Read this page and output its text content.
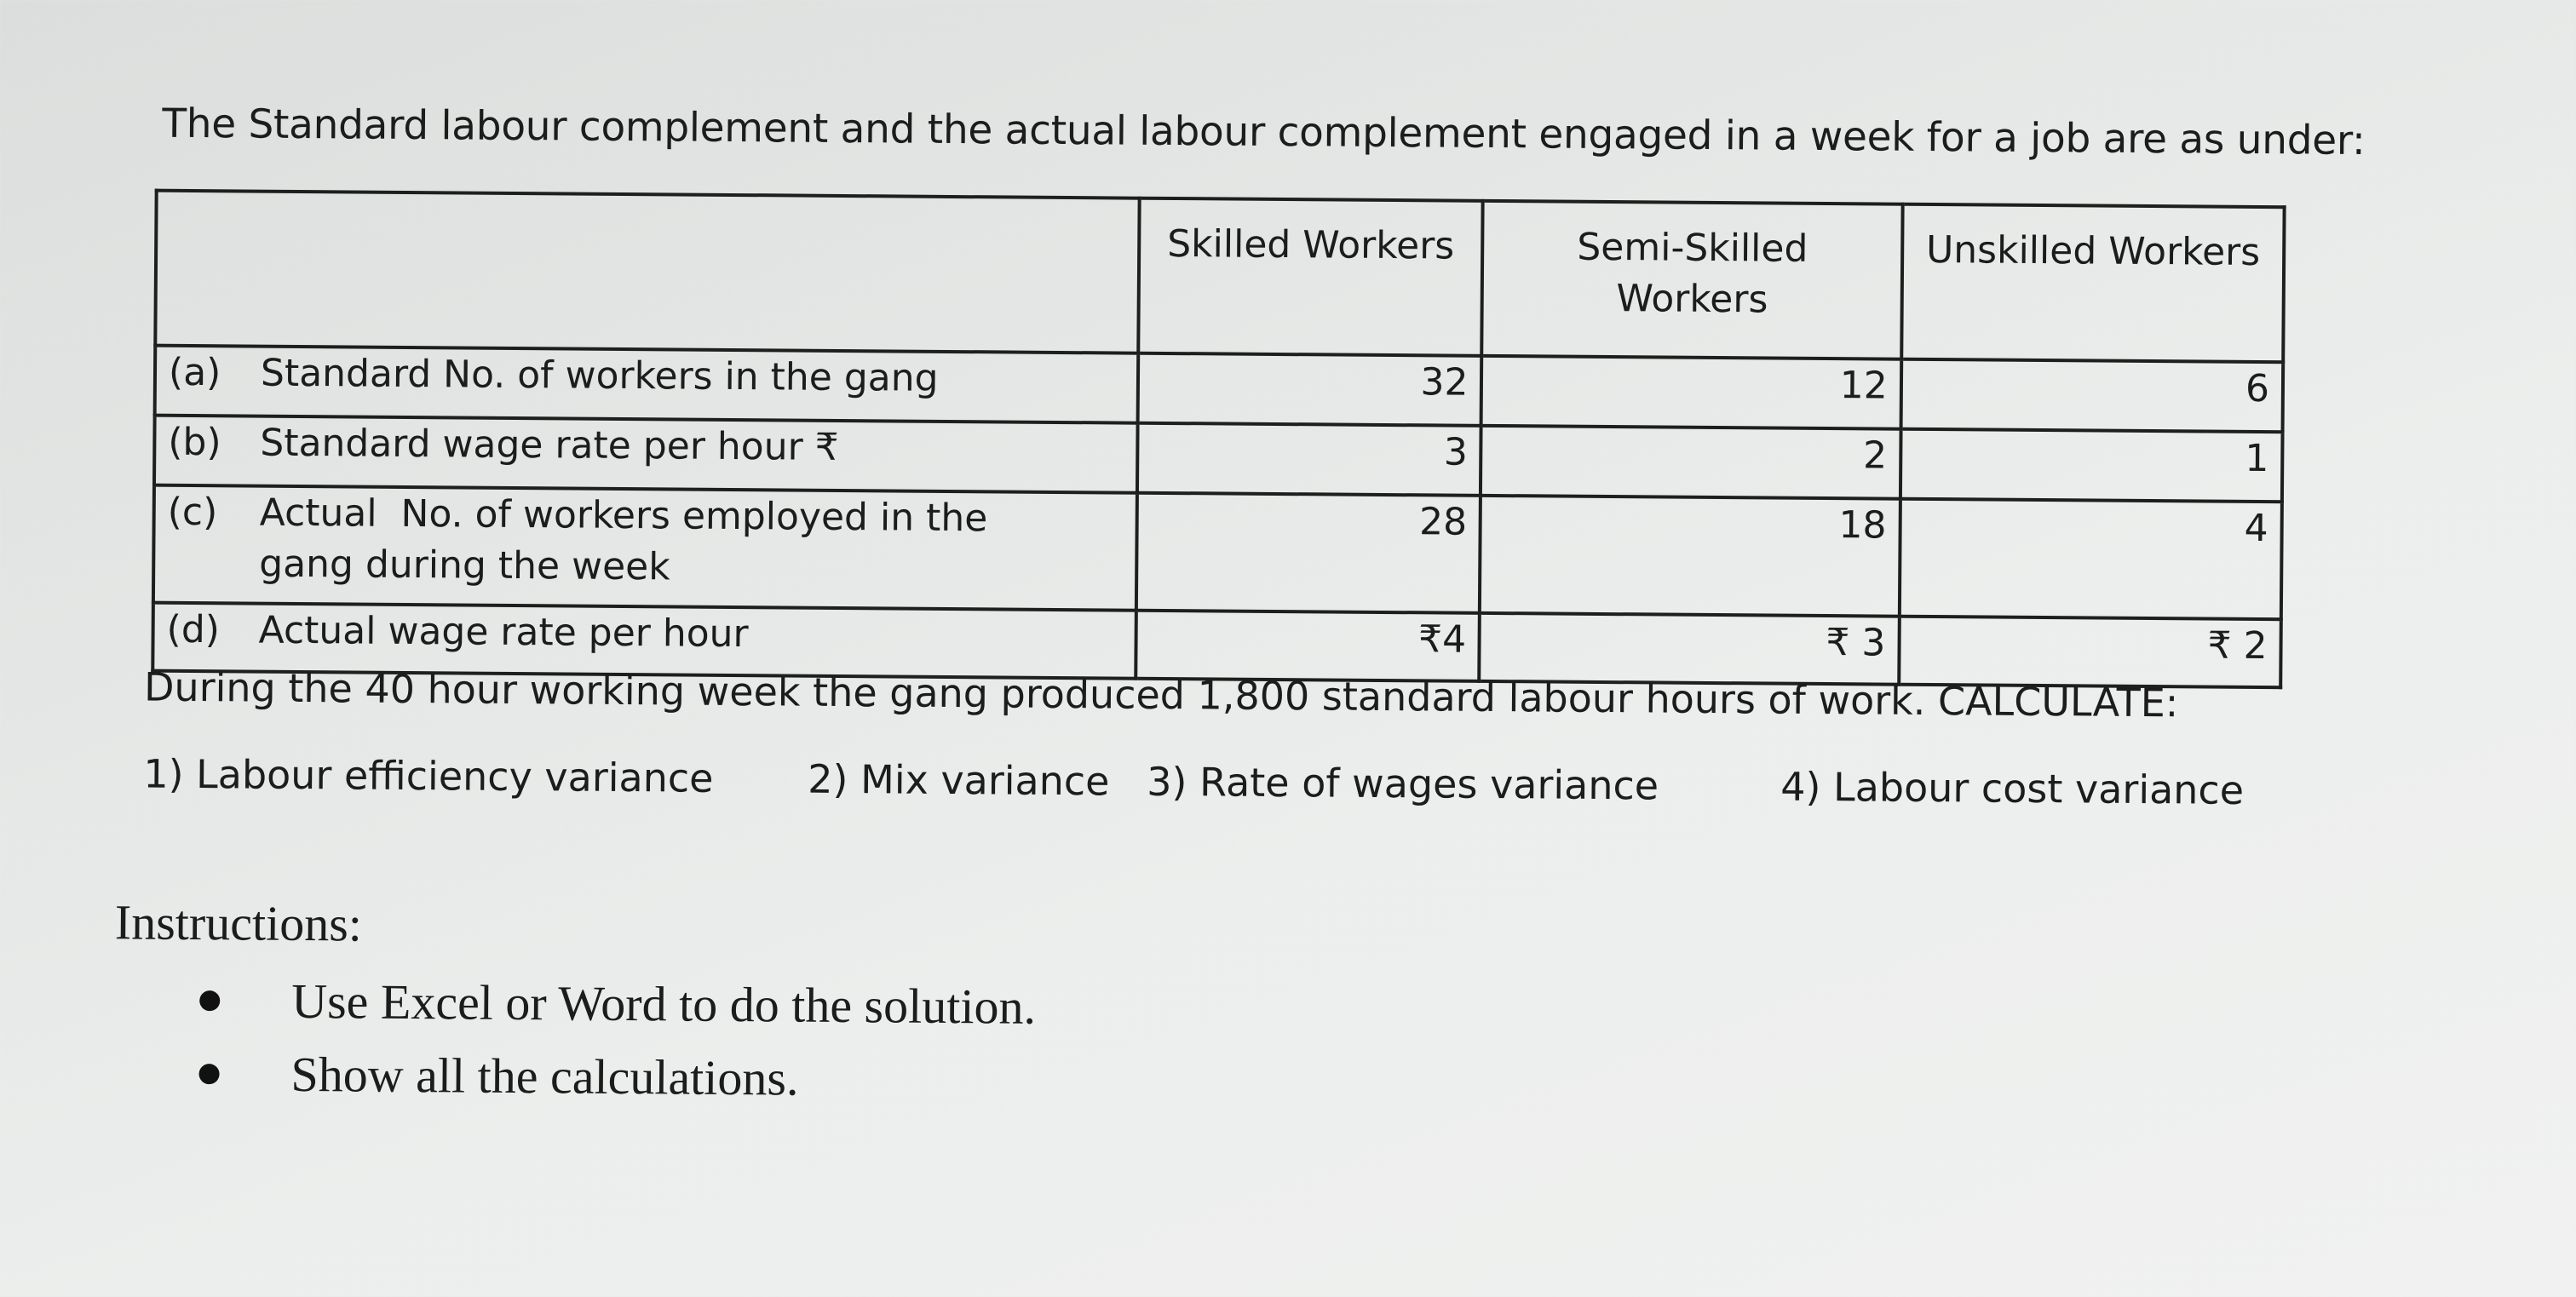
The Standard labour complement and the actual labour complement engaged in a week for a job are as under:
	Skilled Workers	Semi-Skilled Workers	Unskilled Workers
(a) Standard No. of workers in the gang	32	12	6
(b) Standard wage rate per hour ₹	3	2	1
(c) Actual  No. of workers employed in the
gang during the week	28	18	4
(d) Actual wage rate per hour	₹4	₹ 3	₹ 2
During the 40 hour working week the gang produced 1,800 standard labour hours of work. CALCULATE:
1) Labour efficiency variance 2) Mix variance 3) Rate of wages variance	4) Labour cost variance
Instructions:
Use Excel or Word to do the solution.
Show all the calculations.
